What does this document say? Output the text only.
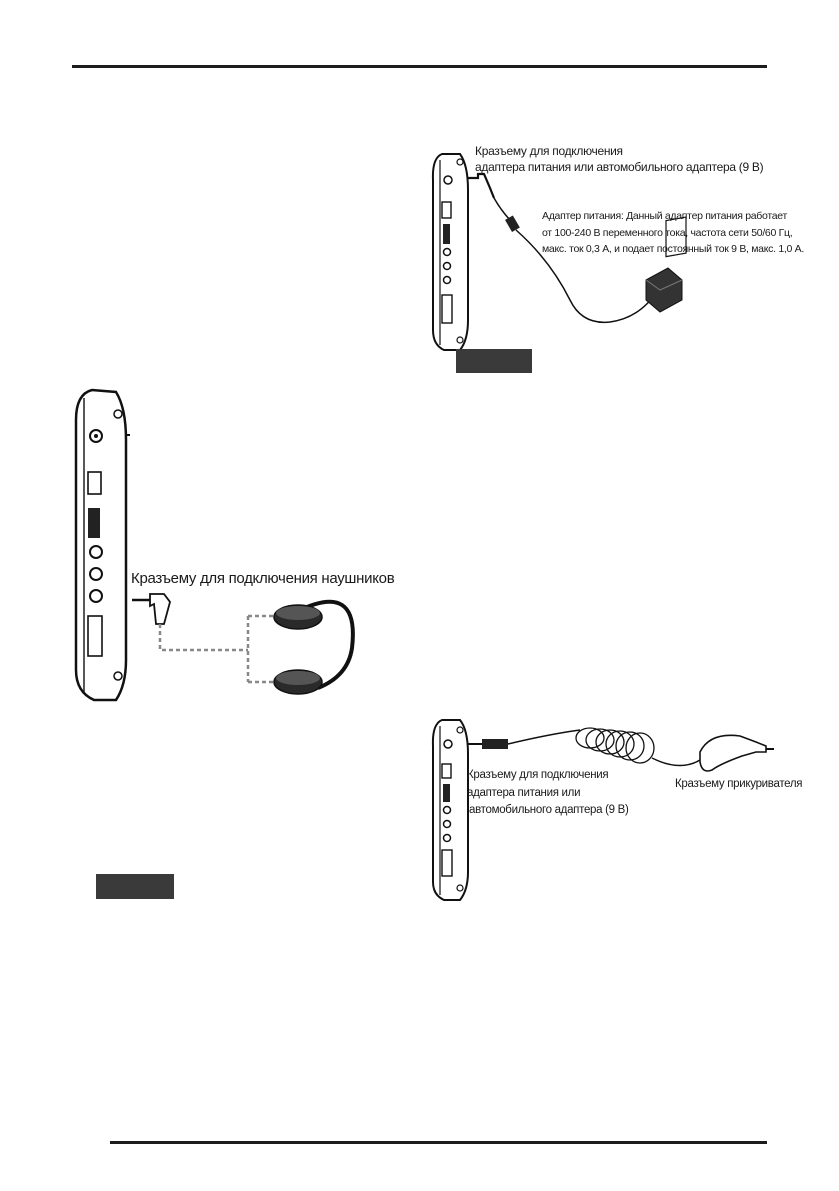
Кразъему для подключения
адаптера питания или автомобильного адаптера (9 В)
Адаптер питания: Данный адаптер питания работает
от 100-240 В переменного тока, частота сети 50/60 Гц,
макс. ток 0,3 А, и подает постоянный ток 9 В, макс. 1,0 А.
Кразъему для подключения наушников
Кразъему для подключения
адаптера питания или
автомобильного адаптера (9 В)
Кразъему прикуривателя
